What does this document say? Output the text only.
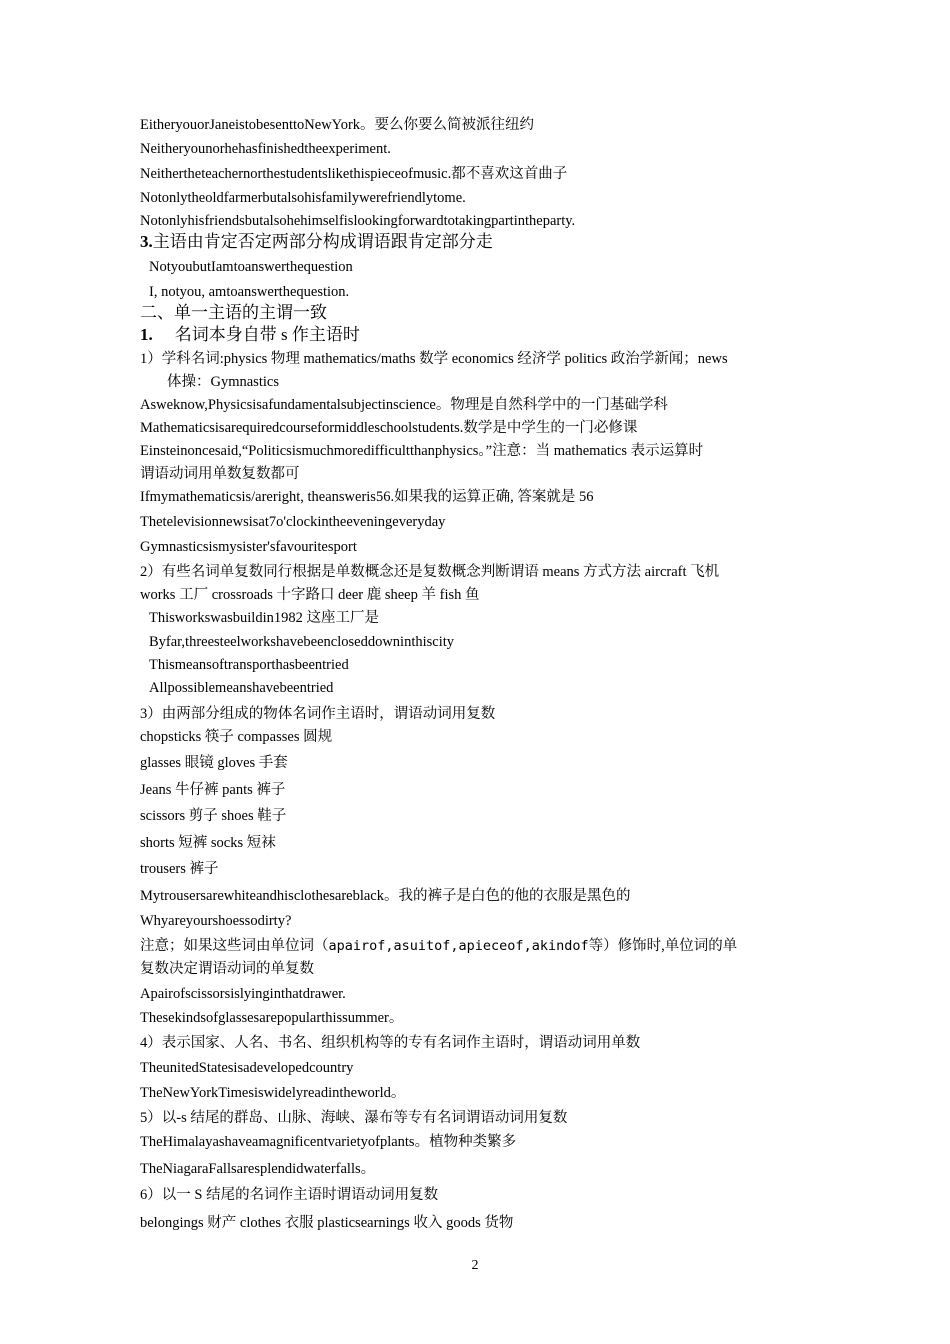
EitheryouorJaneistobesenttoNewYork。要么你要么简被派往纽约
Neitheryounorhehasfinishedtheexperiment.
Neithertheteachernorthestudentslikethispieceofmusic.都不喜欢这首曲子
Notonlytheoldfarmerbutalsohisfamilywerefriendlytome.
Notonlyhisfriendsbutalsohehimselfislookingforwardtotakingpartintheparty.
3.主语由肯定否定两部分构成谓语跟肯定部分走
NotyoubutIamtoanswerthequestion
I, notyou, amtoanswerthequestion.
二、单一主语的主谓一致
1. 名词本身自带 s 作主语时
1）学科名词:physics 物理 mathematics/maths 数学 economics 经济学 politics 政治学新闻；news
体操：Gymnastics
Asweknow,Physicsisafundamentalsubjectinscience。物理是自然科学中的一门基础学科
Mathematicsisarequiredcourseformiddleschoolstudents.数学是中学生的一门必修课
Einsteinoncesaid,“Politicsismuchmoredifficultthanphysics。”注意：当 mathematics 表示运算时
谓语动词用单数复数都可
Ifmymathematicsis/areright, theansweris56.如果我的运算正确, 答案就是 56
Thetelevisionnewsisat7o'clockintheeveningeveryday
Gymnasticsismysister'sfavouritesport
2）有些名词单复数同行根据是单数概念还是复数概念判断谓语 means 方式方法 aircraft 飞机
works 工厂 crossroads 十字路口 deer 鹿 sheep 羊 fish 鱼
Thisworkswasbuildin1982 这座工厂是
Byfar,threesteelworkshavebeencloseddowninthiscity
Thismeansoftransporthasbeentried
Allpossiblemeanshavebeentried
3）由两部分组成的物体名词作主语时，谓语动词用复数
chopsticks 筷子 compasses 圆规
glasses 眼镜 gloves 手套
Jeans 牛仔裤 pants 裤子
scissors 剪子 shoes 鞋子
shorts 短裤 socks 短袜
trousers 裤子
Mytrousersarewhiteandhisclothesareblack。我的裤子是白色的他的衣服是黑色的
Whyareyourshoessodirty?
注意；如果这些词由单位词（apairof,asuitof,apieceof,akindof等）修饰时,单位词的单
复数决定谓语动词的单复数
Apairofscissorsislyinginthatdrawer.
Thesekindsofglassesarepopularthissummer。
4）表示国家、人名、书名、组织机构等的专有名词作主语时，谓语动词用单数
TheunitedStatesisadevelopedcountry
TheNewYorkTimesiswidelyreadintheworld。
5）以-s 结尾的群岛、山脉、海峡、瀑布等专有名词谓语动词用复数
TheHimalayashaveamagnificentvarietyofplants。植物种类繁多
TheNiagaraFallsaresplendidwaterfalls。
6）以一 S 结尾的名词作主语时谓语动词用复数
belongings 财产 clothes 衣服 plasticsearnings 收入 goods 货物
2
